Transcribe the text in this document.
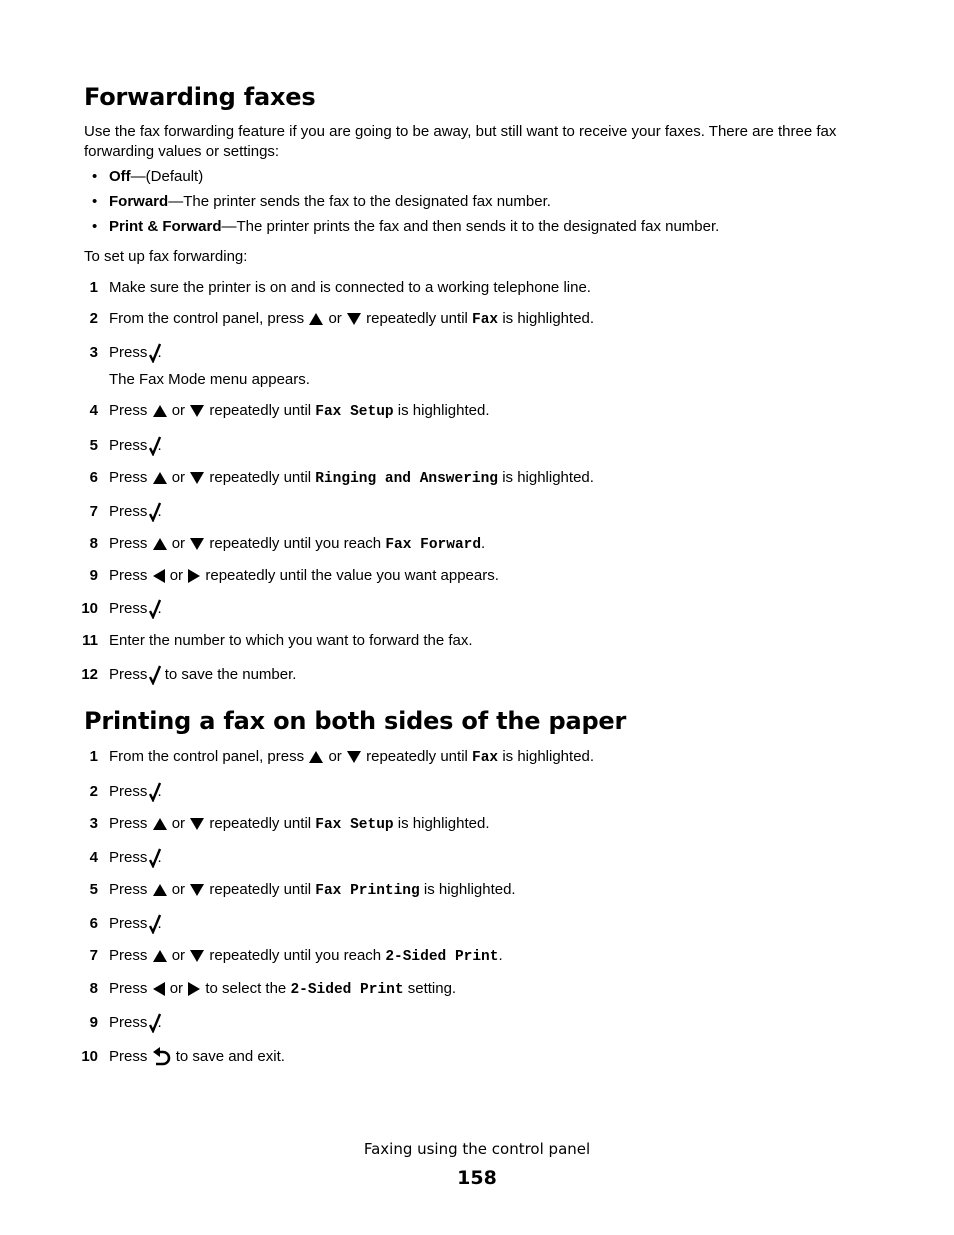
Forwarding faxes
Use the fax forwarding feature if you are going to be away, but still want to receive your faxes. There are three fax forwarding values or settings:
• Off—(Default)
• Forward—The printer sends the fax to the designated fax number.
• Print & Forward—The printer prints the fax and then sends it to the designated fax number.
To set up fax forwarding:
1 Make sure the printer is on and is connected to a working telephone line.
2 From the control panel, press or repeatedly until Fax is highlighted.
3 Press .
The Fax Mode menu appears.
4 Press or repeatedly until Fax Setup is highlighted.
5 Press .
6 Press or repeatedly until Ringing and Answering is highlighted.
7 Press .
8 Press or repeatedly until you reach Fax Forward.
9 Press or repeatedly until the value you want appears.
10 Press .
11 Enter the number to which you want to forward the fax.
12 Press to save the number.
Printing a fax on both sides of the paper
1 From the control panel, press or repeatedly until Fax is highlighted.
2 Press .
3 Press or repeatedly until Fax Setup is highlighted.
4 Press .
5 Press or repeatedly until Fax Printing is highlighted.
6 Press .
7 Press or repeatedly until you reach 2-Sided Print.
8 Press or to select the 2-Sided Print setting.
9 Press .
10 Press to save and exit.
Faxing using the control panel
158
